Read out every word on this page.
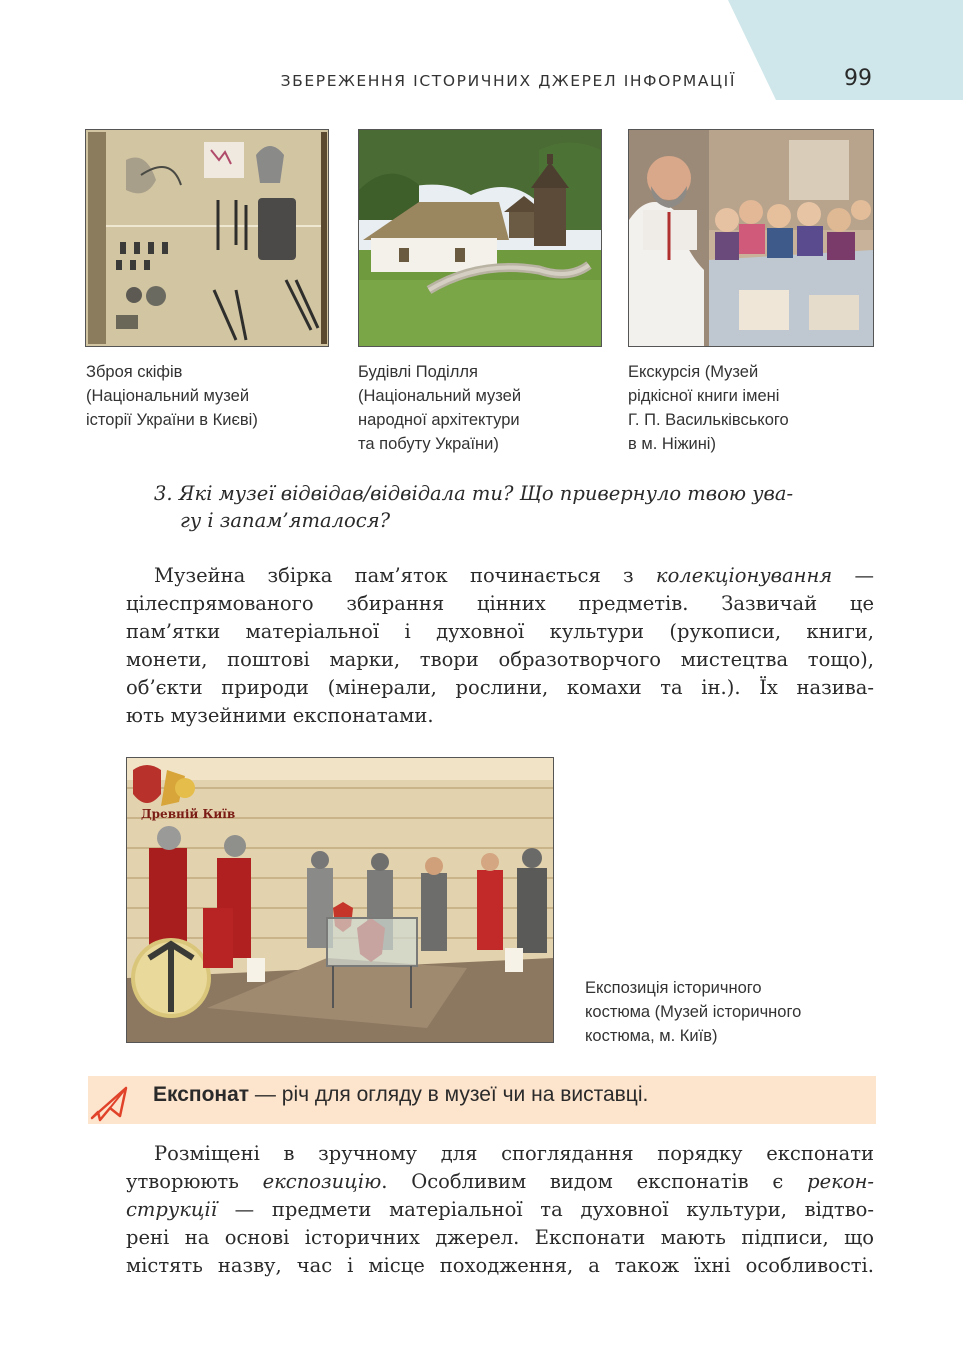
ЗБЕРЕЖЕННЯ ІСТОРИЧНИХ ДЖЕРЕЛ ІНФОРМАЦІЇ	99
Зброя скіфів
(Національний музей
історії України в Києві)
Будівлі Поділля
(Національний музей
народної архітектури
та побуту України)
Екскурсія (Музей
рідкісної книги імені
Г. П. Васильківського
в м. Ніжині)
3. Які музеї відвідав/відвідала ти? Що привернуло твою ува-
гу і запам’яталося?
Музейна збірка пам’яток починається з колекціонування —
цілеспрямованого збирання цінних предметів. Зазвичай це
пам’ятки матеріальної і духовної культури (рукописи, книги,
монети, поштові марки, твори образотворчого мистецтва тощо),
об’єкти природи (мінерали, рослини, комахи та ін.). Їх назива-
ють музейними експонатами.
Древній Київ
Експозиція історичного
костюма (Музей історичного
костюма, м. Київ)
Експонат — річ для огляду в музеї чи на виставці.
Розміщені в зручному для споглядання порядку експонати
утворюють експозицію. Особливим видом експонатів є рекон-
струкції — предмети матеріальної та духовної культури, відтво-
рені на основі історичних джерел. Експонати мають підписи, що
містять назву, час і місце походження, а також їхні особливості.
